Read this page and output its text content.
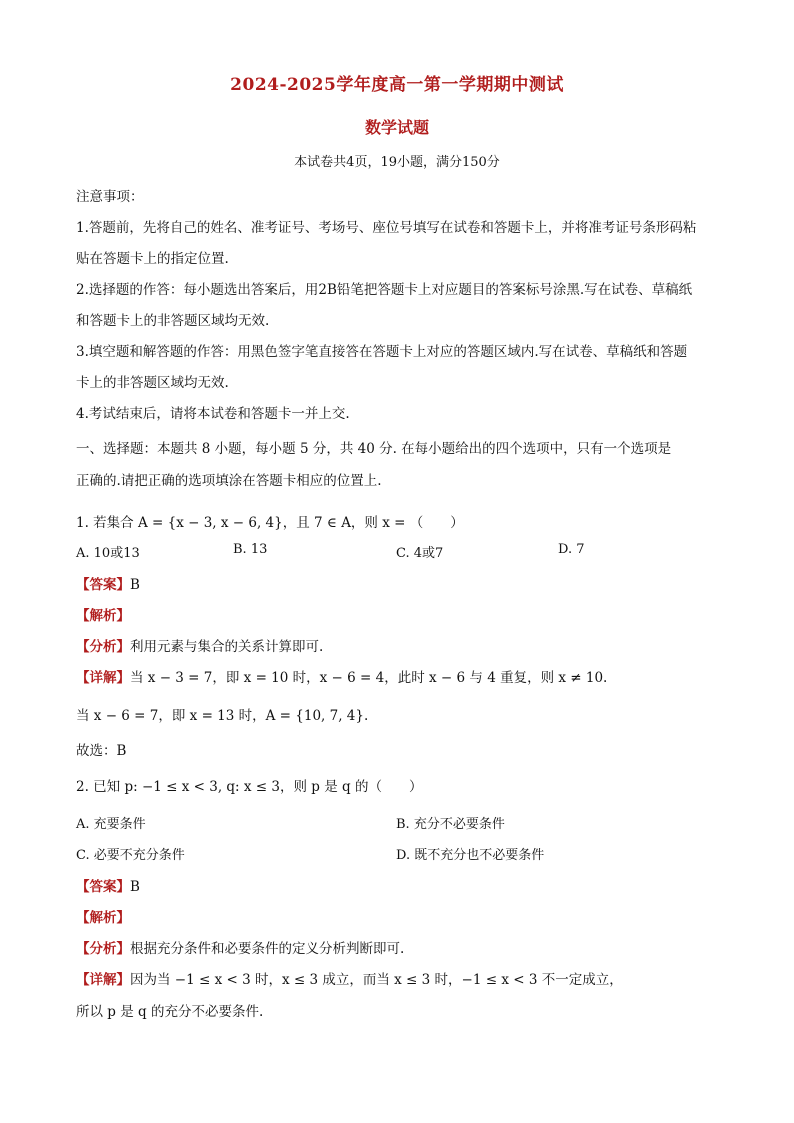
2024-2025学年度高一第一学期期中测试
数学试题
本试卷共4页，19小题，满分150分
注意事项：
1.答题前，先将自己的姓名、准考证号、考场号、座位号填写在试卷和答题卡上，并将准考证号条形码粘
贴在答题卡上的指定位置.
2.选择题的作答：每小题选出答案后，用2B铅笔把答题卡上对应题目的答案标号涂黑.写在试卷、草稿纸
和答题卡上的非答题区域均无效.
3.填空题和解答题的作答：用黑色签字笔直接答在答题卡上对应的答题区域内.写在试卷、草稿纸和答题
卡上的非答题区域均无效.
4.考试结束后，请将本试卷和答题卡一并上交.
一、选择题：本题共 8 小题，每小题 5 分，共 40 分. 在每小题给出的四个选项中，只有一个选项是
正确的.请把正确的选项填涂在答题卡相应的位置上.
1. 若集合 A = {x − 3, x − 6, 4}，且 7 ∈ A，则 x = （　　）
A. 10或13	B. 13	C. 4或7	D. 7
【答案】B
【解析】
【分析】利用元素与集合的关系计算即可.
【详解】当 x − 3 = 7，即 x = 10 时，x − 6 = 4，此时 x − 6 与 4 重复，则 x ≠ 10.
当 x − 6 = 7，即 x = 13 时，A = {10, 7, 4}.
故选：B
2. 已知 p: −1 ≤ x < 3, q: x ≤ 3，则 p 是 q 的（　　）
A. 充要条件	B. 充分不必要条件
C. 必要不充分条件	D. 既不充分也不必要条件
【答案】B
【解析】
【分析】根据充分条件和必要条件的定义分析判断即可.
【详解】因为当 −1 ≤ x < 3 时，x ≤ 3 成立，而当 x ≤ 3 时，−1 ≤ x < 3 不一定成立，
所以 p 是 q 的充分不必要条件.
